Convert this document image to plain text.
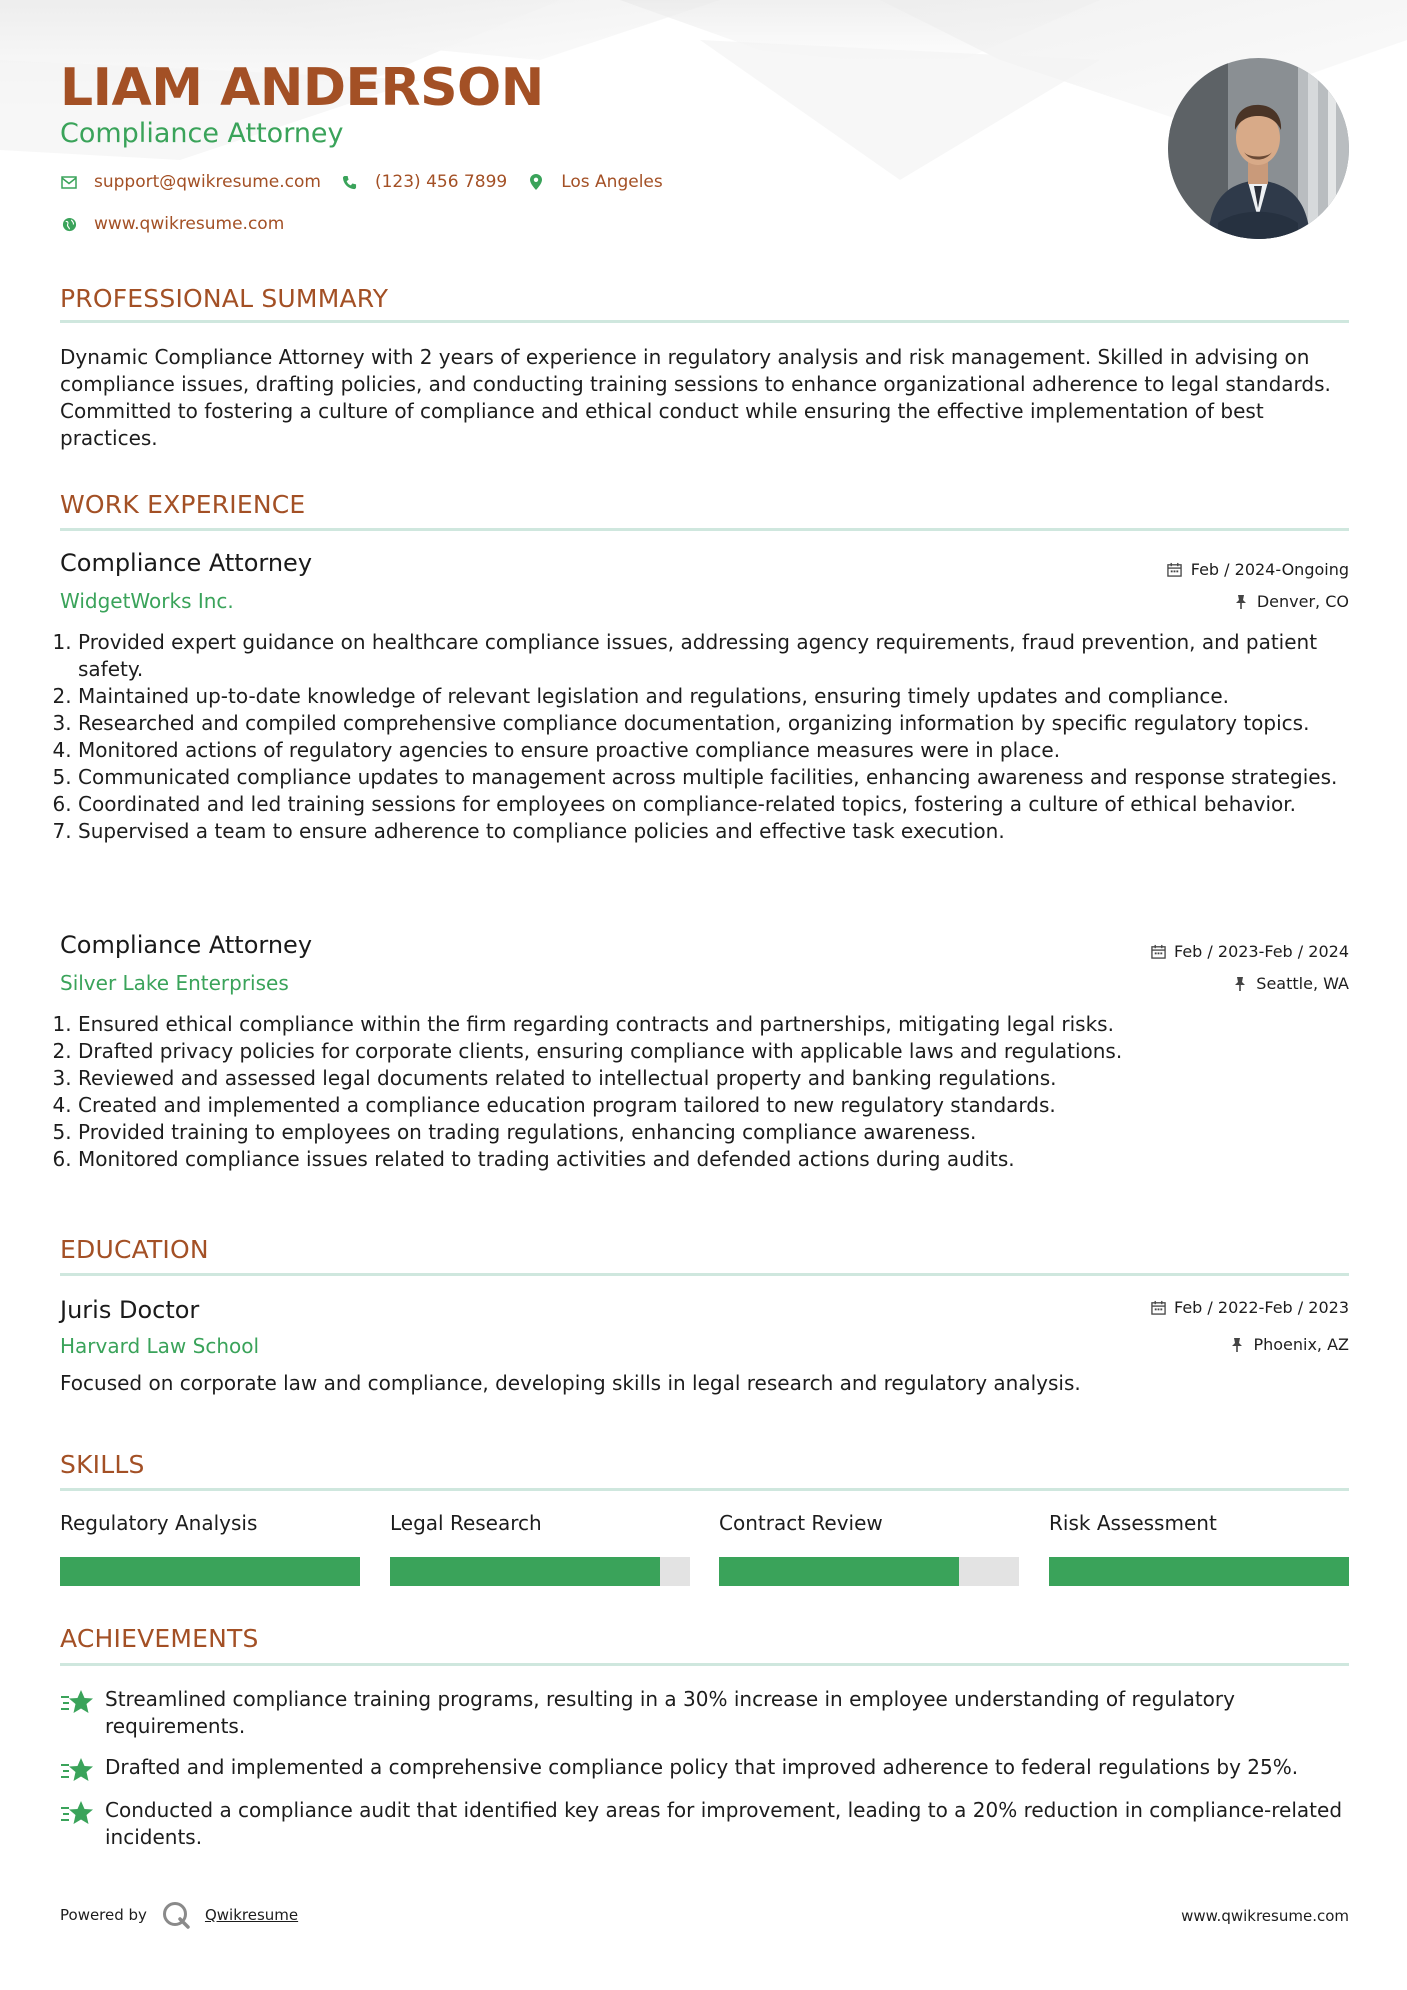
LIAM ANDERSON
Compliance Attorney
support@qwikresume.com	(123) 456 7899	Los Angeles
www.qwikresume.com
PROFESSIONAL SUMMARY
Dynamic Compliance Attorney with 2 years of experience in regulatory analysis and risk management. Skilled in advising on compliance issues, drafting policies, and conducting training sessions to enhance organizational adherence to legal standards. Committed to fostering a culture of compliance and ethical conduct while ensuring the effective implementation of best practices.
WORK EXPERIENCE
Compliance Attorney	Feb / 2024-Ongoing
WidgetWorks Inc.	Denver, CO
1. Provided expert guidance on healthcare compliance issues, addressing agency requirements, fraud prevention, and patient safety.
2. Maintained up-to-date knowledge of relevant legislation and regulations, ensuring timely updates and compliance.
3. Researched and compiled comprehensive compliance documentation, organizing information by specific regulatory topics.
4. Monitored actions of regulatory agencies to ensure proactive compliance measures were in place.
5. Communicated compliance updates to management across multiple facilities, enhancing awareness and response strategies.
6. Coordinated and led training sessions for employees on compliance-related topics, fostering a culture of ethical behavior.
7. Supervised a team to ensure adherence to compliance policies and effective task execution.
Compliance Attorney	Feb / 2023-Feb / 2024
Silver Lake Enterprises	Seattle, WA
1. Ensured ethical compliance within the firm regarding contracts and partnerships, mitigating legal risks.
2. Drafted privacy policies for corporate clients, ensuring compliance with applicable laws and regulations.
3. Reviewed and assessed legal documents related to intellectual property and banking regulations.
4. Created and implemented a compliance education program tailored to new regulatory standards.
5. Provided training to employees on trading regulations, enhancing compliance awareness.
6. Monitored compliance issues related to trading activities and defended actions during audits.
EDUCATION
Juris Doctor	Feb / 2022-Feb / 2023
Harvard Law School	Phoenix, AZ
Focused on corporate law and compliance, developing skills in legal research and regulatory analysis.
SKILLS
Regulatory Analysis	Legal Research	Contract Review	Risk Assessment
ACHIEVEMENTS
Streamlined compliance training programs, resulting in a 30% increase in employee understanding of regulatory requirements.
Drafted and implemented a comprehensive compliance policy that improved adherence to federal regulations by 25%.
Conducted a compliance audit that identified key areas for improvement, leading to a 20% reduction in compliance-related incidents.
Powered by	Qwikresume	www.qwikresume.com
